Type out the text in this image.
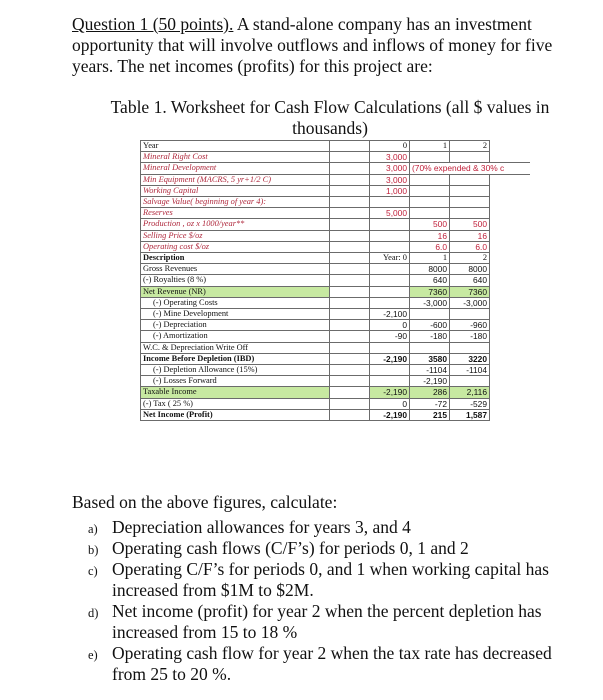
Question 1 (50 points). A stand-alone company has an investment opportunity that will involve outflows and inflows of money for five years. The net incomes (profits) for this project are:
Table 1. Worksheet for Cash Flow Calculations (all $ values in thousands)
Year		0	1	2	
Mineral Right Cost		3,000			
Mineral Development		3,000	(70% expended & 30% c		
Min Equipment (MACRS, 5 yr+1/2 C)		3,000			
Working Capital		1,000			
Salvage Value( beginning of year 4):					
Reserves		5,000			
Production , oz x 1000/year**			500	500	
Selling Price $/oz			16	16	
Operating cost $/oz			6.0	6.0	
Description		Year: 0	1	2	
Gross Revenues			8000	8000	
(-) Royalties (8 %)			640	640	
Net Revenue (NR)			7360	7360	
(-) Operating Costs			-3,000	-3,000	
(-) Mine Development		-2,100			
(-) Depreciation		0	-600	-960	
(-) Amortization		-90	-180	-180	
W.C. & Depreciation Write Off					
Income Before Depletion (IBD)		-2,190	3580	3220	
(-) Depletion Allowance (15%)			-1104	-1104	
(-) Losses Forward			-2,190		
Taxable Income		-2,190	286	2,116	
(-) Tax ( 25 %)		0	-72	-529	
Net Income (Profit)		-2,190	215	1,587	
Based on the above figures, calculate:
a) Depreciation allowances for years 3, and 4
b) Operating cash flows (C/F’s) for periods 0, 1 and 2
c) Operating C/F’s for periods 0, and 1 when working capital has increased from $1M to $2M.
d) Net income (profit) for year 2 when the percent depletion has increased from 15 to 18 %
e) Operating cash flow for year 2 when the tax rate has decreased from 25 to 20 %.
